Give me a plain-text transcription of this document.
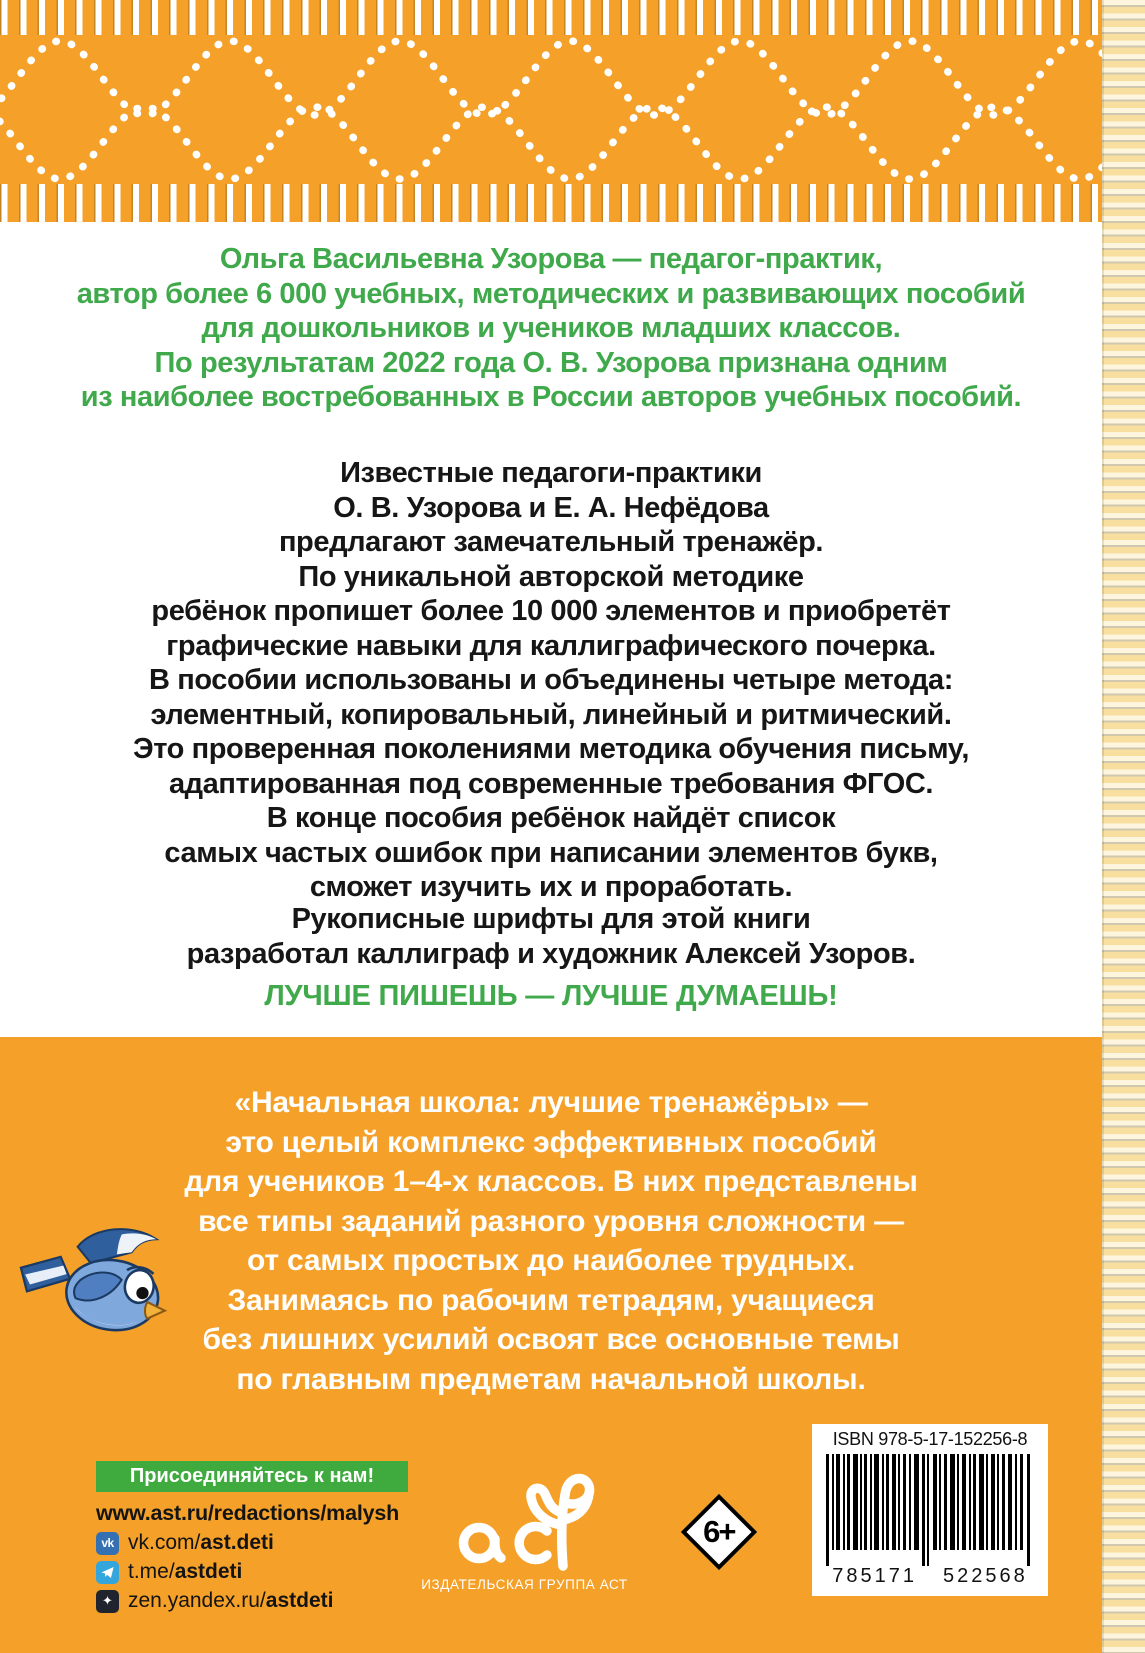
Ольга Васильевна Узорова — педагог-практик,
автор более 6 000 учебных, методических и развивающих пособий
для дошкольников и учеников младших классов.
По результатам 2022 года О. В. Узорова признана одним
из наиболее востребованных в России авторов учебных пособий.
Известные педагоги-практики
О. В. Узорова и Е. А. Нефёдова
предлагают замечательный тренажёр.
По уникальной авторской методике
ребёнок пропишет более 10 000 элементов и приобретёт
графические навыки для каллиграфического почерка.
В пособии использованы и объединены четыре метода:
элементный, копировальный, линейный и ритмический.
Это проверенная поколениями методика обучения письму,
адаптированная под современные требования ФГОС.
В конце пособия ребёнок найдёт список
самых частых ошибок при написании элементов букв,
сможет изучить их и проработать.
Рукописные шрифты для этой книги
разработал каллиграф и художник Алексей Узоров.
ЛУЧШЕ ПИШЕШЬ — ЛУЧШЕ ДУМАЕШЬ!
«Начальная школа: лучшие тренажёры» —
это целый комплекс эффективных пособий
для учеников 1–4-х классов. В них представлены
все типы заданий разного уровня сложности —
от самых простых до наиболее трудных.
Занимаясь по рабочим тетрадям, учащиеся
без лишних усилий освоят все основные темы
по главным предметам начальной школы.
Присоединяйтесь к нам!
www.ast.ru/redactions/malysh
vk vk.com/ ast.deti
t.me/ astdeti
✦ zen.yandex.ru/ astdeti
ИЗДАТЕЛЬСКАЯ ГРУППА АСТ
6+
ISBN 978-5-17-152256-8
785171 522568
